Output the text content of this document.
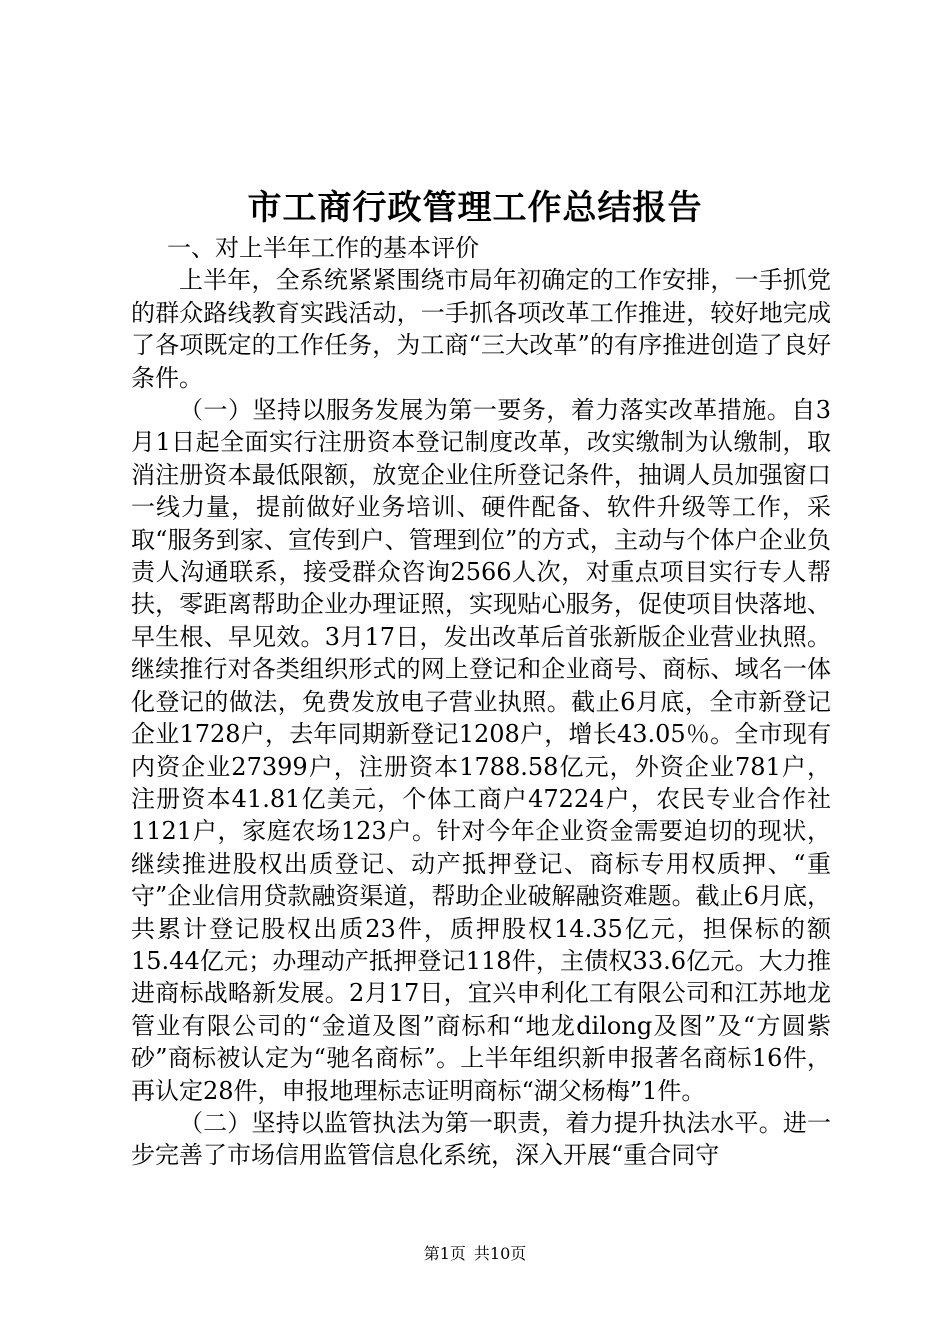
市工商行政管理工作总结报告

一、对上半年工作的基本评价

上半年，全系统紧紧围绕市局年初确定的工作安排，一手抓党的群众路线教育实践活动，一手抓各项改革工作推进，较好地完成了各项既定的工作任务，为工商“三大改革”的有序推进创造了良好条件。

（一）坚持以服务发展为第一要务，着力落实改革措施。自3月1日起全面实行注册资本登记制度改革，改实缴制为认缴制，取消注册资本最低限额，放宽企业住所登记条件，抽调人员加强窗口一线力量，提前做好业务培训、硬件配备、软件升级等工作，采取“服务到家、宣传到户、管理到位”的方式，主动与个体户企业负责人沟通联系，接受群众咨询2566人次，对重点项目实行专人帮扶，零距离帮助企业办理证照，实现贴心服务，促使项目快落地、早生根、早见效。3月17日，发出改革后首张新版企业营业执照。继续推行对各类组织形式的网上登记和企业商号、商标、域名一体化登记的做法，免费发放电子营业执照。截止6月底，全市新登记企业1728户，去年同期新登记1208户，增长43.05％。全市现有内资企业27399户，注册资本1788.58亿元，外资企业781户，注册资本41.81亿美元，个体工商户47224户，农民专业合作社1121户，家庭农场123户。针对今年企业资金需要迫切的现状，继续推进股权出质登记、动产抵押登记、商标专用权质押、“重守”企业信用贷款融资渠道，帮助企业破解融资难题。截止6月底，共累计登记股权出质23件，质押股权14.35亿元，担保标的额15.44亿元；办理动产抵押登记118件，主债权33.6亿元。大力推进商标战略新发展。2月17日，宜兴申利化工有限公司和江苏地龙管业有限公司的“金道及图”商标和“地龙dilong及图”及“方圆紫砂”商标被认定为“驰名商标”。上半年组织新申报著名商标16件，再认定28件，申报地理标志证明商标“湖父杨梅”1件。

（二）坚持以监管执法为第一职责，着力提升执法水平。进一步完善了市场信用监管信息化系统，深入开展“重合同守

第1页 共10页
